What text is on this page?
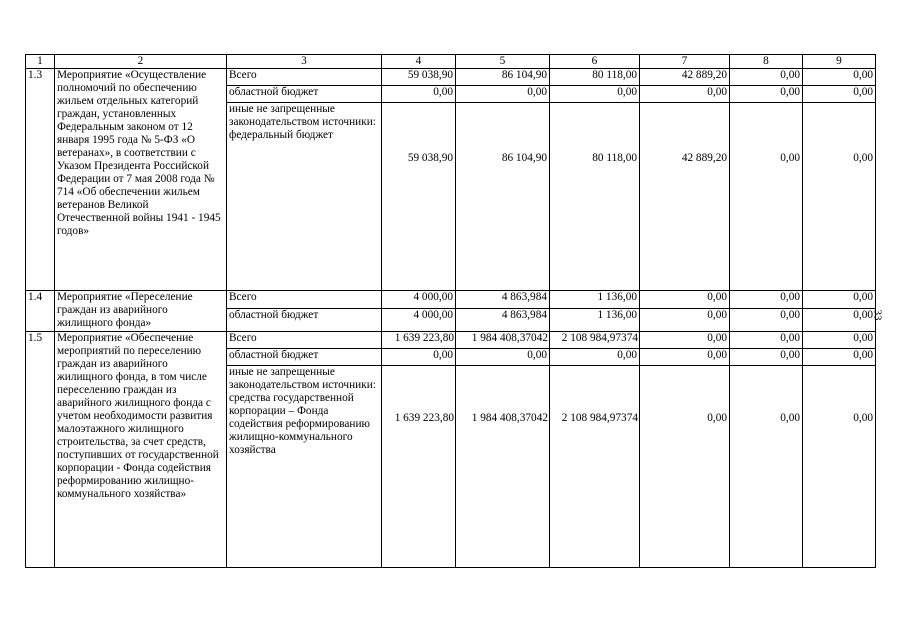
1	2	3	4	5	6	7	8	9
1.3	Мероприятие «Осуществление полномочий по обеспечению жильем отдельных категорий граждан, установленных Федеральным законом от 12 января 1995 года № 5-ФЗ «О ветеранах», в соответствии с Указом Президента Российской Федерации от 7 мая 2008 года № 714 «Об обеспечении жильем ветеранов Великой Отечественной войны 1941 - 1945 годов»	Всего	59 038,90	86 104,90	80 118,00	42 889,20	0,00	0,00
		областной бюджет	0,00	0,00	0,00	0,00	0,00	0,00
		иные не запрещенные законодательством источники: федеральный бюджет	59 038,90	86 104,90	80 118,00	42 889,20	0,00	0,00
1.4	Мероприятие «Переселение граждан из аварийного жилищного фонда»	Всего	4 000,00	4 863,984	1 136,00	0,00	0,00	0,00
		областной бюджет	4 000,00	4 863,984	1 136,00	0,00	0,00	0,00
1.5	Мероприятие «Обеспечение мероприятий по переселению граждан из аварийного жилищного фонда, в том числе переселению граждан из аварийного жилищного фонда с учетом необходимости развития малоэтажного жилищного строительства, за счет средств, поступивших от государственной корпорации - Фонда содействия реформированию жилищно-коммунального хозяйства»	Всего	1 639 223,80	1 984 408,37042	2 108 984,97374	0,00	0,00	0,00
		областной бюджет	0,00	0,00	0,00	0,00	0,00	0,00
		иные не запрещенные законодательством источники: средства государственной корпорации – Фонда содействия реформированию жилищно-коммунального хозяйства	1 639 223,80	1 984 408,37042	2 108 984,97374	0,00	0,00	0,00
33
